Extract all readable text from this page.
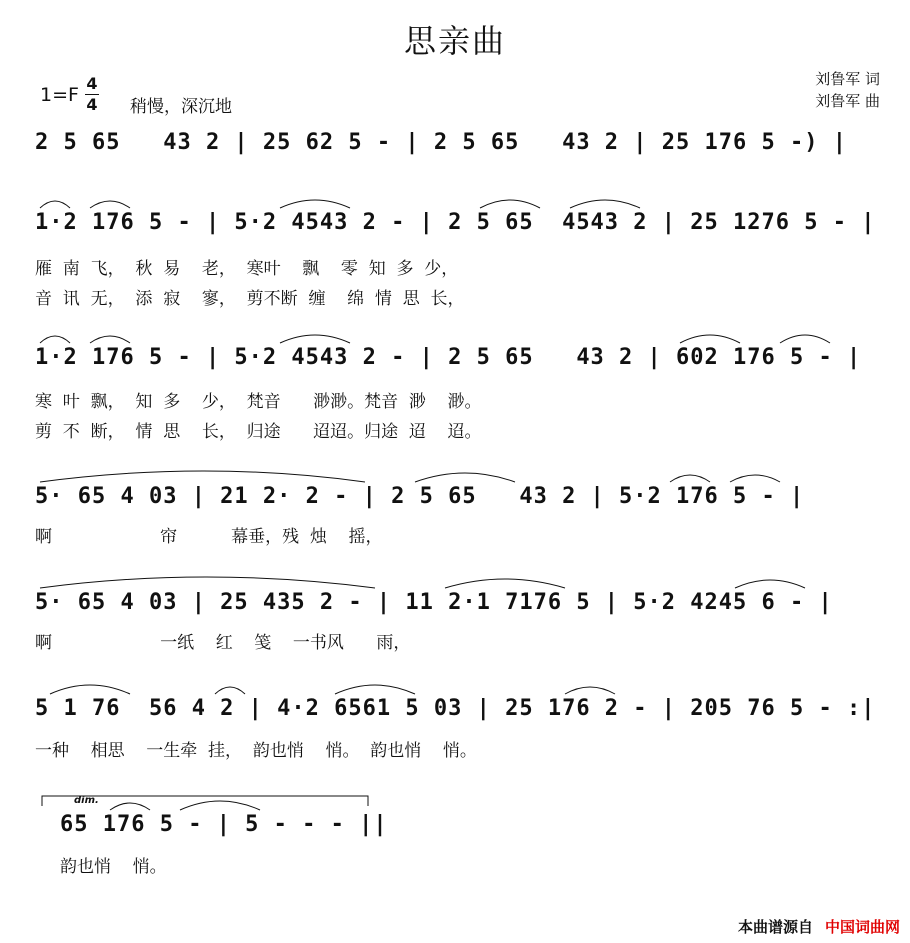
思亲曲
1=F 4
4 稍慢，深沉地
刘鲁军 词
刘鲁军 曲
2 5 65   43 2 | 25 62 5 - | 2 5 65   43 2 | 25 176 5 -) |
1·2 176 5 - | 5·2 4543 2 - | 2 5 65  4543 2 | 25 1276 5 - |
雁  南  飞，  秋  易    老，  寒叶    飘    零  知  多  少，
音  讯  无，  添  寂    寥，  剪不断  缠    绵  情  思  长，
1·2 176 5 - | 5·2 4543 2 - | 2 5 65   43 2 | 602 176 5 - |
寒  叶  飘，  知  多    少，  梵音      渺渺。梵音  渺    渺。
剪  不  断，  情  思    长，  归途      迢迢。归途  迢    迢。
5· 65 4 03 | 21 2· 2 - | 2 5 65   43 2 | 5·2 176 5 - |
啊                    帘          幕垂，残  烛    摇，
5· 65 4 03 | 25 435 2 - | 11 2·1 7176 5 | 5·2 4245 6 - |
啊                    一纸    红    笺    一书风      雨，
5 1 76  56 4 2 | 4·2 6561 5 03 | 25 176 2 - | 205 76 5 - :|
一种    相思    一生牵  挂，  韵也悄    悄。  韵也悄    悄。
dim.
65 176 5 - | 5 - - - ||
韵也悄    悄。
本曲谱源自 中国词曲网
